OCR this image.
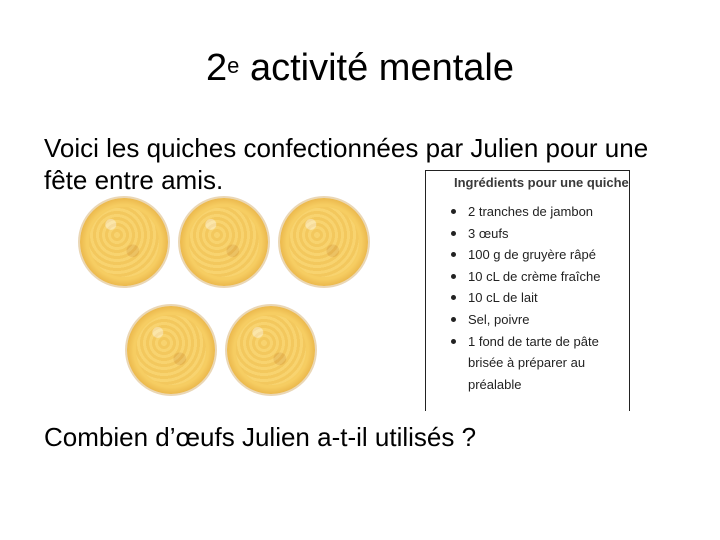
2e activité mentale
Voici les quiches confectionnées par Julien pour une fête entre amis.	Ingrédients pour une quiche
2 tranches de jambon
3 œufs
100 g de gruyère râpé
10 cL de crème fraîche
10 cL de lait
Sel, poivre
1 fond de tarte de pâte brisée à préparer au préalable
Combien d’œufs Julien a-t-il utilisés ?
